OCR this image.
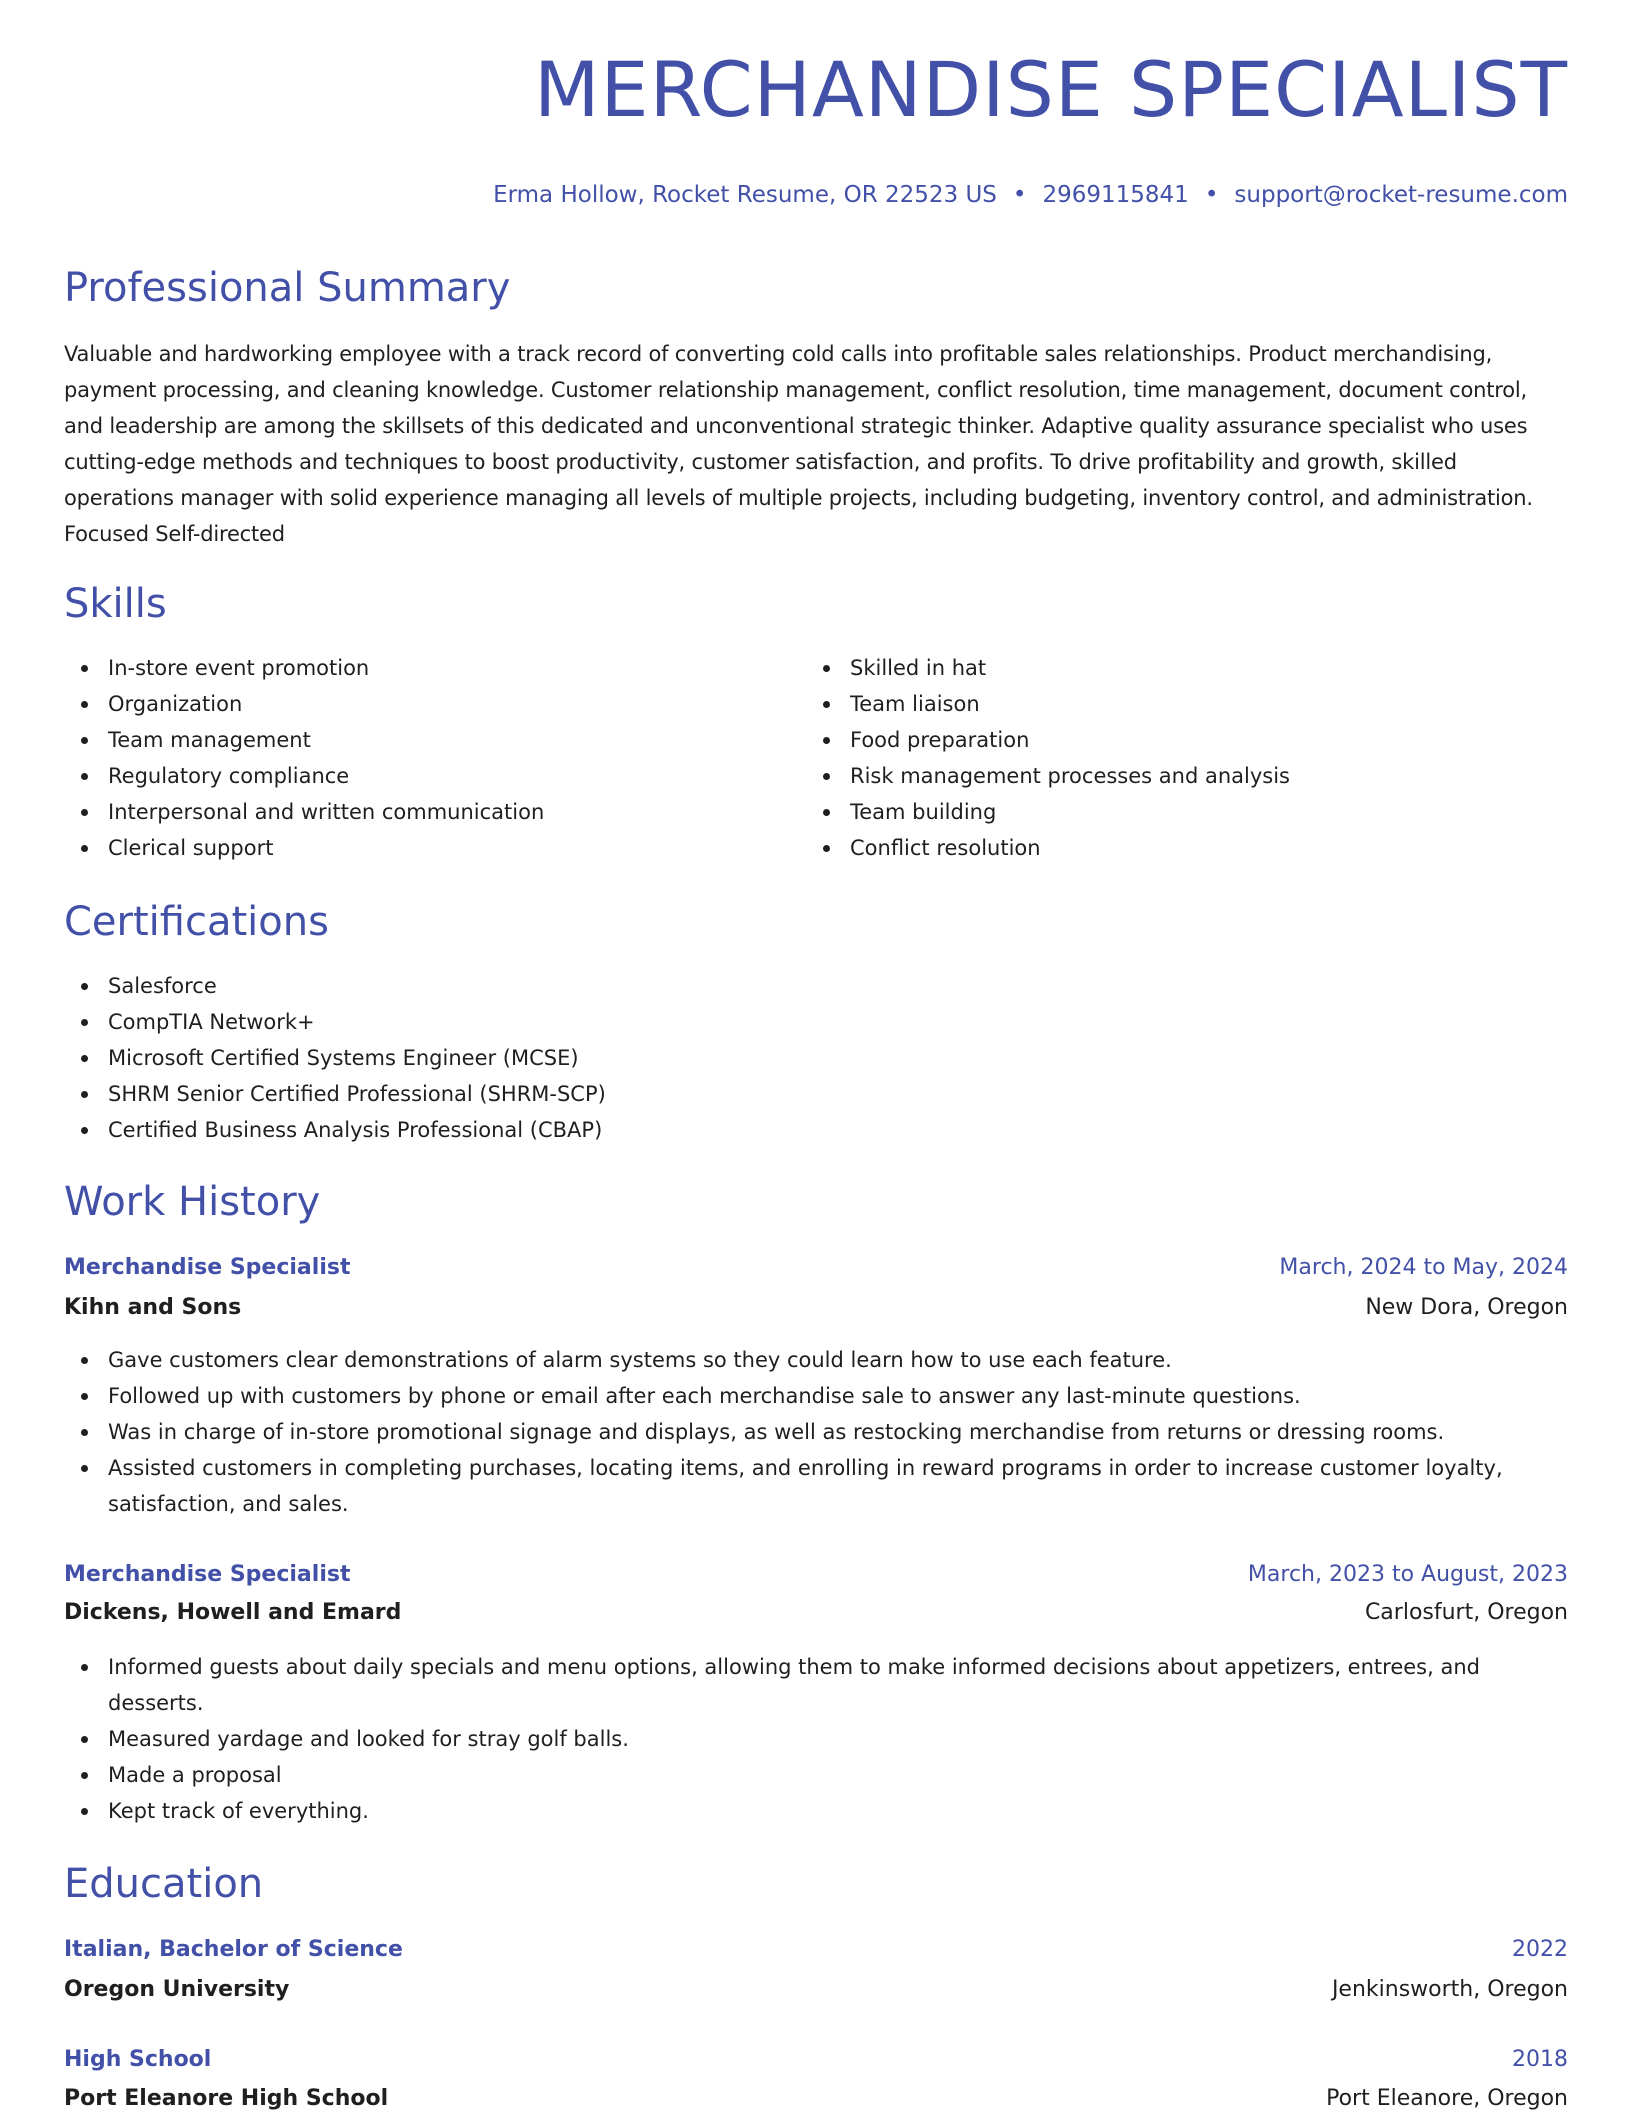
MERCHANDISE SPECIALIST
Erma Hollow, Rocket Resume, OR 22523 US • 2969115841 • support@rocket-resume.com
Professional Summary

Valuable and hardworking employee with a track record of converting cold calls into profitable sales relationships. Product merchandising, payment processing, and cleaning knowledge. Customer relationship management, conflict resolution, time management, document control, and leadership are among the skillsets of this dedicated and unconventional strategic thinker. Adaptive quality assurance specialist who uses cutting-edge methods and techniques to boost productivity, customer satisfaction, and profits. To drive profitability and growth, skilled operations manager with solid experience managing all levels of multiple projects, including budgeting, inventory control, and administration. Focused Self-directed

Skills
In-store event promotion
Organization
Team management
Regulatory compliance
Interpersonal and written communication
Clerical support
Skilled in hat
Team liaison
Food preparation
Risk management processes and analysis
Team building
Conflict resolution
Certifications
Salesforce
CompTIA Network+
Microsoft Certified Systems Engineer (MCSE)
SHRM Senior Certified Professional (SHRM-SCP)
Certified Business Analysis Professional (CBAP)
Work History
Merchandise Specialist	March, 2024 to May, 2024
Kihn and Sons	New Dora, Oregon
Gave customers clear demonstrations of alarm systems so they could learn how to use each feature.
Followed up with customers by phone or email after each merchandise sale to answer any last-minute questions.
Was in charge of in-store promotional signage and displays, as well as restocking merchandise from returns or dressing rooms.
Assisted customers in completing purchases, locating items, and enrolling in reward programs in order to increase customer loyalty, satisfaction, and sales.
Merchandise Specialist	March, 2023 to August, 2023
Dickens, Howell and Emard	Carlosfurt, Oregon
Informed guests about daily specials and menu options, allowing them to make informed decisions about appetizers, entrees, and desserts.
Measured yardage and looked for stray golf balls.
Made a proposal
Kept track of everything.
Education
Italian, Bachelor of Science	2022
Oregon University	Jenkinsworth, Oregon
High School	2018
Port Eleanore High School	Port Eleanore, Oregon
